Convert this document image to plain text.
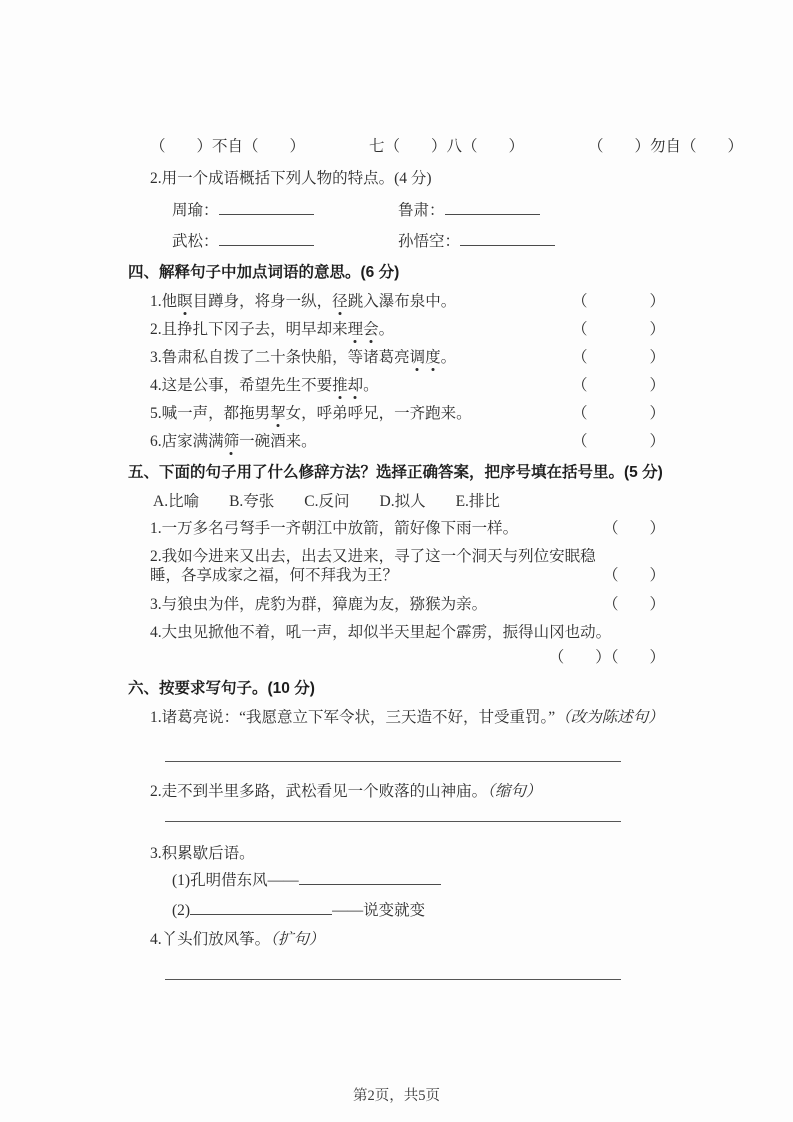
（　　）不自（　　）	七（　　）八（　　）	（　　）勿自（　　）
2.用一个成语概括下列人物的特点。(4 分)
周瑜：	鲁肃：
武松：	孙悟空：
四、解释句子中加点词语的意思。(6 分)
1.他瞑目蹲身，将身一纵，径跳入瀑布泉中。	（　　　　）
2.且挣扎下冈子去，明早却来理会。	（　　　　）
3.鲁肃私自拨了二十条快船，等诸葛亮调度。	（　　　　）
4.这是公事，希望先生不要推却。	（　　　　）
5.喊一声，都拖男挈女，呼弟呼兄，一齐跑来。	（　　　　）
6.店家满满筛一碗酒来。	（　　　　）
五、下面的句子用了什么修辞方法？选择正确答案，把序号填在括号里。(5 分)
A.比喻 B.夸张 C.反问 D.拟人 E.排比
1.一万多名弓弩手一齐朝江中放箭，箭好像下雨一样。	（　　）
2.我如今进来又出去，出去又进来，寻了这一个洞天与列位安眠稳睡，各享成家之福，何不拜我为王？	（　　）
3.与狼虫为伴，虎豹为群，獐鹿为友，猕猴为亲。	（　　）
4.大虫见掀他不着，吼一声，却似半天里起个霹雳，振得山冈也动。
（　　）（　　）
六、按要求写句子。(10 分)
1.诸葛亮说：“我愿意立下军令状，三天造不好，甘受重罚。”（改为陈述句）
2.走不到半里多路，武松看见一个败落的山神庙。（缩句）
3.积累歇后语。
(1)孔明借东风——
(2)	——说变就变
4.丫头们放风筝。（扩句）
第2页，共5页
